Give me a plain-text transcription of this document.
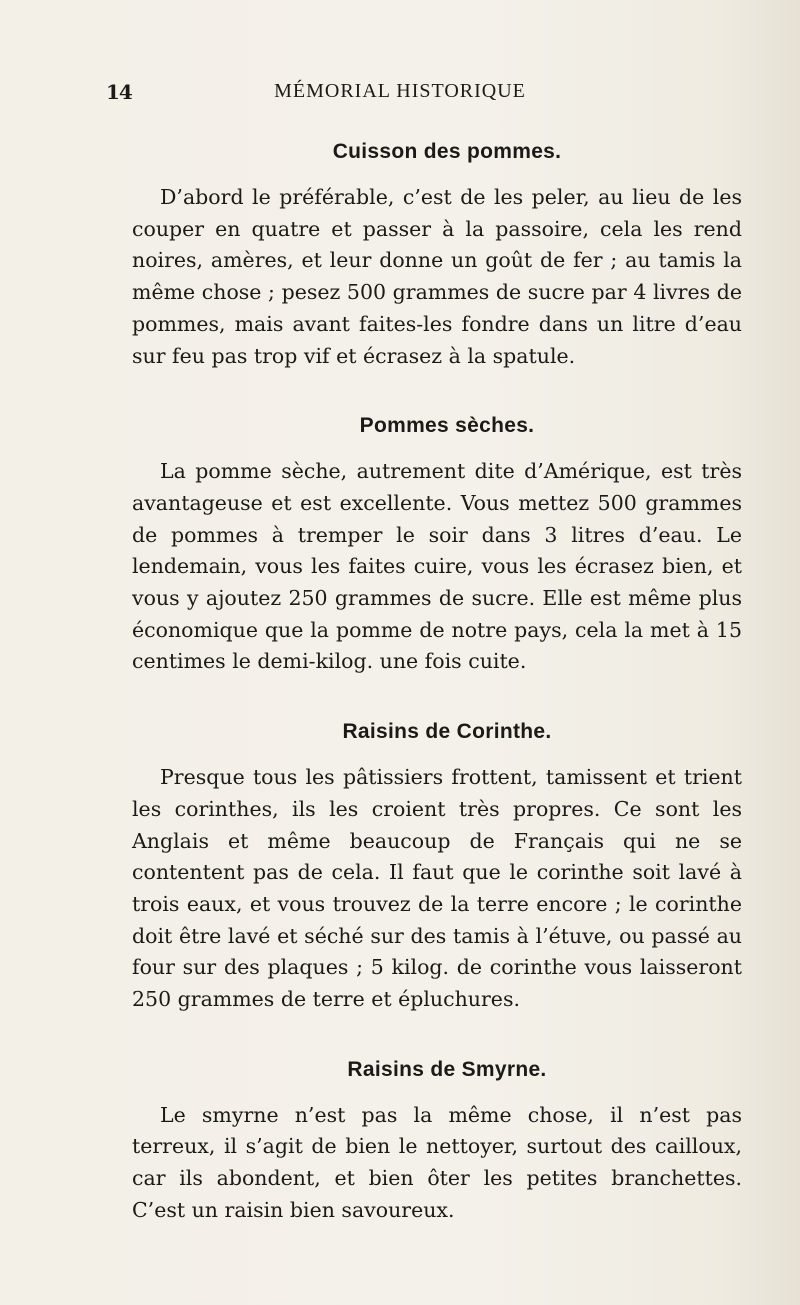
14	MÉMORIAL HISTORIQUE
Cuisson des pommes.

D’abord le préférable, c’est de les peler, au lieu de les couper en quatre et passer à la passoire, cela les rend noires, amères, et leur donne un goût de fer ; au tamis la même chose ; pesez 500 grammes de sucre par 4 livres de pommes, mais avant faites-les fondre dans un litre d’eau sur feu pas trop vif et écrasez à la spatule.

Pommes sèches.

La pomme sèche, autrement dite d’Amérique, est très avantageuse et est excellente. Vous mettez 500 grammes de pommes à tremper le soir dans 3 litres d’eau. Le lendemain, vous les faites cuire, vous les écrasez bien, et vous y ajoutez 250 grammes de sucre. Elle est même plus économique que la pomme de notre pays, cela la met à 15 centimes le demi-kilog. une fois cuite.

Raisins de Corinthe.

Presque tous les pâtissiers frottent, tamissent et trient les corinthes, ils les croient très propres. Ce sont les Anglais et même beaucoup de Français qui ne se contentent pas de cela. Il faut que le corinthe soit lavé à trois eaux, et vous trouvez de la terre encore ; le corinthe doit être lavé et séché sur des tamis à l’étuve, ou passé au four sur des plaques ; 5 kilog. de corinthe vous laisseront 250 grammes de terre et épluchures.

Raisins de Smyrne.

Le smyrne n’est pas la même chose, il n’est pas terreux, il s’agit de bien le nettoyer, surtout des cailloux, car ils abondent, et bien ôter les petites branchettes. C’est un raisin bien savoureux.
